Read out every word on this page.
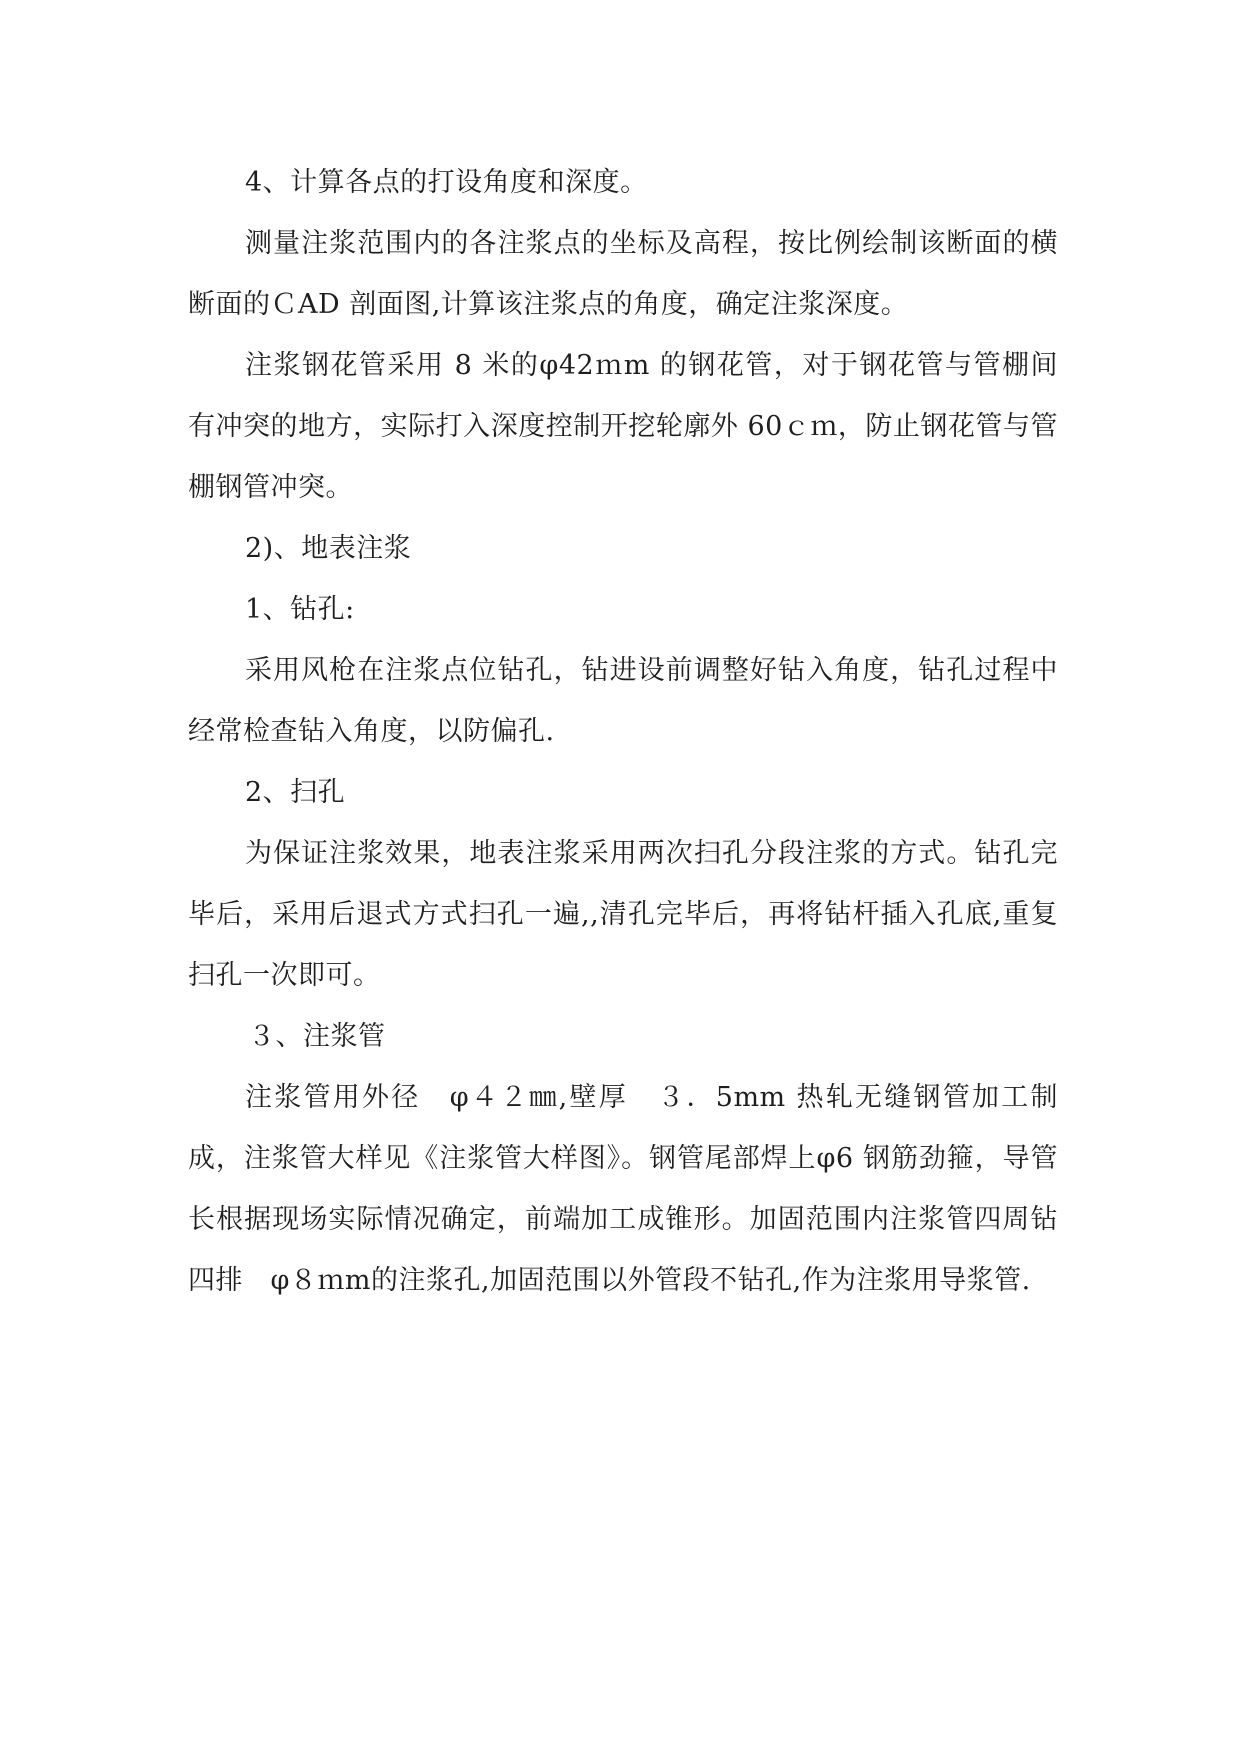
4、计算各点的打设角度和深度。

测量注浆范围内的各注浆点的坐标及高程，按比例绘制该断面的横断面的ＣAD 剖面图,计算该注浆点的角度，确定注浆深度。

注浆钢花管采用 8 米的φ42ｍm 的钢花管，对于钢花管与管棚间有冲突的地方，实际打入深度控制开挖轮廓外 60ｃｍ，防止钢花管与管棚钢管冲突。

2)、地表注浆

1、钻孔:

采用风枪在注浆点位钻孔，钻进设前调整好钻入角度，钻孔过程中经常检查钻入角度，以防偏孔.

2、扫孔

为保证注浆效果，地表注浆采用两次扫孔分段注浆的方式。钻孔完毕后，采用后退式方式扫孔一遍,,清孔完毕后，再将钻杆插入孔底,重复扫孔一次即可。

３、注浆管

注浆管用外径　φ４２㎜,壁厚　３．5mm 热轧无缝钢管加工制成，注浆管大样见《注浆管大样图》。钢管尾部焊上φ6 钢筋劲箍，导管长根据现场实际情况确定，前端加工成锥形。加固范围内注浆管四周钻四排　φ８ｍm的注浆孔,加固范围以外管段不钻孔,作为注浆用导浆管.
